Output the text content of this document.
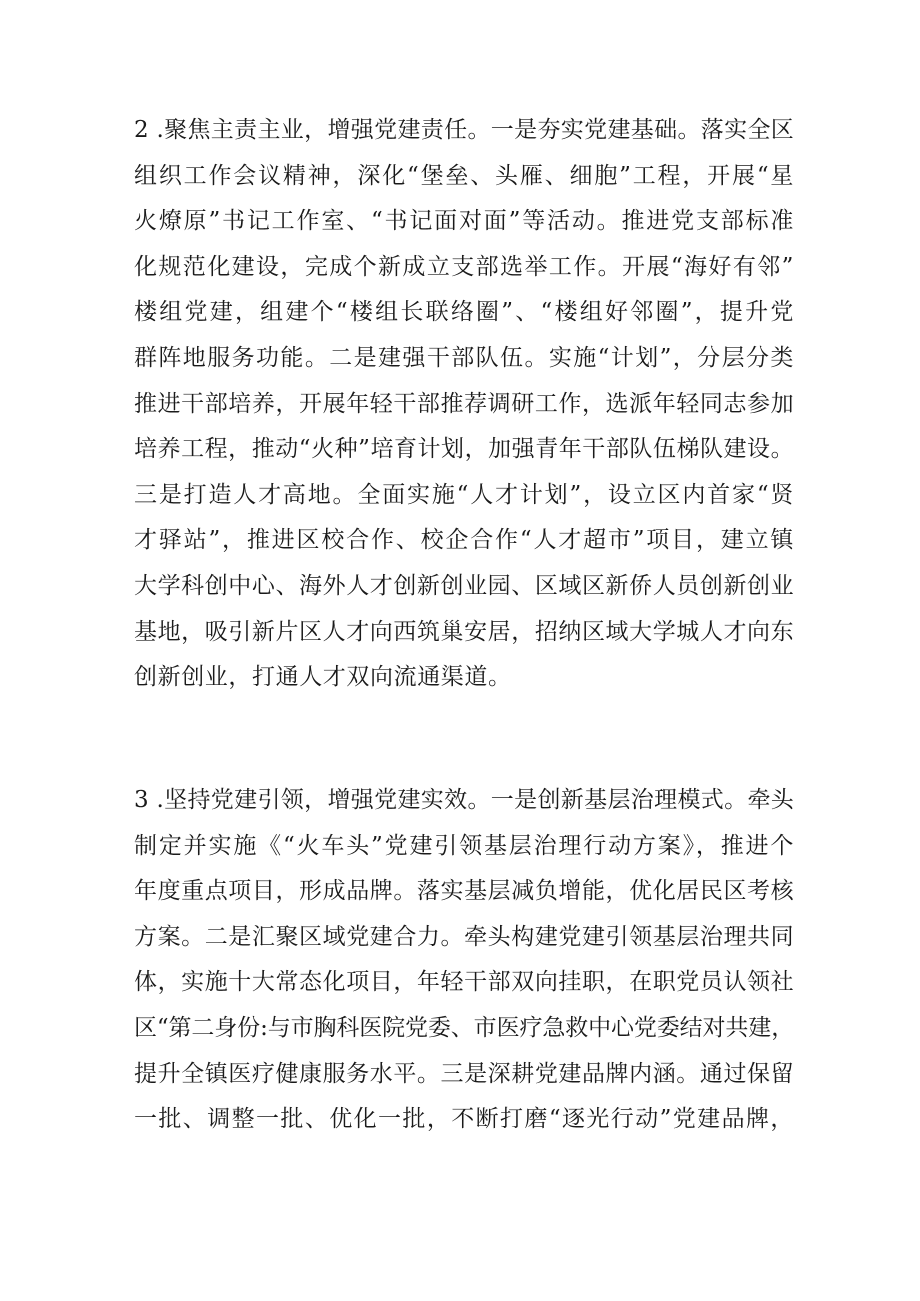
2 .聚焦主责主业，增强党建责任。一是夯实党建基础。落实全区
组织工作会议精神，深化“堡垒、头雁、细胞”工程，开展“星
火燎原”书记工作室、“书记面对面”等活动。推进党支部标准
化规范化建设，完成个新成立支部选举工作。开展“海好有邻”
楼组党建，组建个“楼组长联络圈”、“楼组好邻圈”，提升党
群阵地服务功能。二是建强干部队伍。实施“计划”，分层分类
推进干部培养，开展年轻干部推荐调研工作，选派年轻同志参加
培养工程，推动“火种”培育计划，加强青年干部队伍梯队建设。
三是打造人才高地。全面实施“人才计划”，设立区内首家“贤
才驿站”，推进区校合作、校企合作“人才超市”项目，建立镇
大学科创中心、海外人才创新创业园、区域区新侨人员创新创业
基地，吸引新片区人才向西筑巢安居，招纳区域大学城人才向东
创新创业，打通人才双向流通渠道。
3 .坚持党建引领，增强党建实效。一是创新基层治理模式。牵头
制定并实施《“火车头”党建引领基层治理行动方案》，推进个
年度重点项目，形成品牌。落实基层减负增能，优化居民区考核
方案。二是汇聚区域党建合力。牵头构建党建引领基层治理共同
体，实施十大常态化项目，年轻干部双向挂职，在职党员认领社
区“第二身份:与市胸科医院党委、市医疗急救中心党委结对共建，
提升全镇医疗健康服务水平。三是深耕党建品牌内涵。通过保留
一批、调整一批、优化一批，不断打磨“逐光行动”党建品牌，
